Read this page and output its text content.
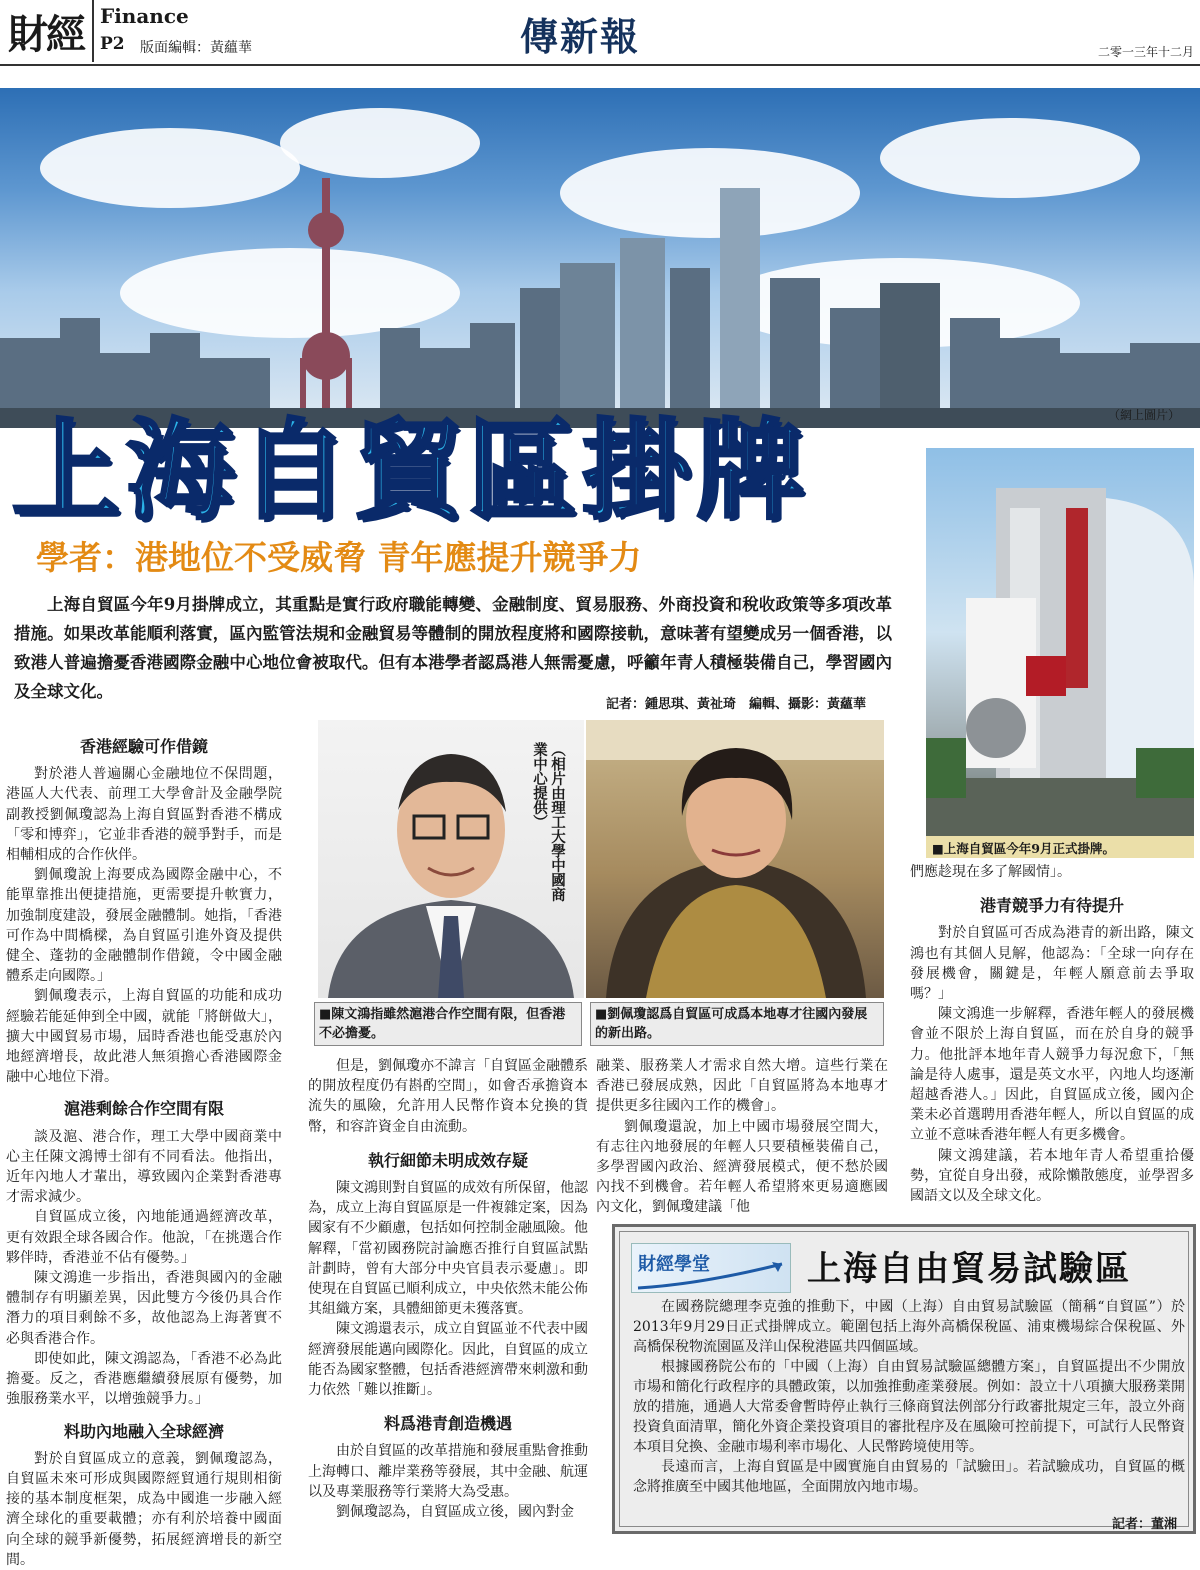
財經 Finance
P2 版面編輯：黃蘊華	傳新報	二零一三年十二月
（網上圖片）
上海自貿區掛牌
學者：港地位不受威脅 青年應提升競爭力
上海自貿區今年9月掛牌成立，其重點是實行政府職能轉變、金融制度、貿易服務、外商投資和稅收政策等多項改革措施。如果改革能順利落實，區內監管法規和金融貿易等體制的開放程度將和國際接軌，意味著有望變成另一個香港，以致港人普遍擔憂香港國際金融中心地位會被取代。但有本港學者認爲港人無需憂慮，呼籲年青人積極裝備自己，學習國內及全球文化。
記者：鍾思琪、黃祉琦　編輯、攝影：黃蘊華
■上海自貿區今年9月正式掛牌。
香港經驗可作借鏡

對於港人普遍關心金融地位不保問題，港區人大代表、前理工大學會計及金融學院副教授劉佩瓊認為上海自貿區對香港不構成「零和博弈」，它並非香港的競爭對手，而是相輔相成的合作伙伴。

劉佩瓊說上海要成為國際金融中心，不能單靠推出便捷措施，更需要提升軟實力，加強制度建設，發展金融體制。她指，「香港可作為中間橋樑，為自貿區引進外資及提供健全、蓬勃的金融體制作借鏡，令中國金融體系走向國際。」

劉佩瓊表示，上海自貿區的功能和成功經驗若能延伸到全中國，就能「將餅做大」，擴大中國貿易市場，屆時香港也能受惠於內地經濟增長，故此港人無須擔心香港國際金融中心地位下滑。

滬港剩餘合作空間有限

談及滬、港合作，理工大學中國商業中心主任陳文鴻博士卻有不同看法。他指出，近年內地人才輩出，導致國內企業對香港專才需求減少。

自貿區成立後，內地能通過經濟改革，更有效跟全球各國合作。他說，「在挑選合作夥伴時，香港並不佔有優勢。」

陳文鴻進一步指出，香港與國內的金融體制存有明顯差異，因此雙方今後仍具合作潛力的項目剩餘不多，故他認為上海著實不必與香港合作。

即使如此，陳文鴻認為，「香港不必為此擔憂。反之，香港應繼續發展原有優勢，加強服務業水平，以增強競爭力。」

料助內地融入全球經濟

對於自貿區成立的意義，劉佩瓊認為，自貿區未來可形成與國際經貿通行規則相銜接的基本制度框架，成為中國進一步融入經濟全球化的重要載體；亦有利於培養中國面向全球的競爭新優勢，拓展經濟增長的新空間。

（相片由理工大學中國商業中心提供）
■陳文鴻指雖然滬港合作空間有限，但香港不必擔憂。
■劉佩瓊認爲自貿區可成爲本地專才往國內發展的新出路。

但是，劉佩瓊亦不諱言「自貿區金融體系的開放程度仍有斟酌空間」，如會否承擔資本流失的風險，允許用人民幣作資本兌換的貨幣，和容許資金自由流動。

執行細節未明成效存疑

陳文鴻則對自貿區的成效有所保留，他認為，成立上海自貿區原是一件複雜定案，因為國家有不少顧慮，包括如何控制金融風險。他解釋，「當初國務院討論應否推行自貿區試點計劃時，曾有大部分中央官員表示憂慮」。即使現在自貿區已順利成立，中央依然未能公佈其組織方案，具體細節更未獲落實。

陳文鴻還表示，成立自貿區並不代表中國經濟發展能邁向國際化。因此，自貿區的成立能否為國家整體，包括香港經濟帶來刺激和動力依然「難以推斷」。

料爲港青創造機遇

由於自貿區的改革措施和發展重點會推動上海轉口、離岸業務等發展，其中金融、航運以及專業服務等行業將大為受惠。

劉佩瓊認為，自貿區成立後，國內對金

融業、服務業人才需求自然大增。這些行業在香港已發展成熟，因此「自貿區將為本地專才提供更多往國內工作的機會」。

劉佩瓊還說，加上中國市場發展空間大，有志往內地發展的年輕人只要積極裝備自己，多學習國內政治、經濟發展模式，便不愁於國內找不到機會。若年輕人希望將來更易適應國內文化，劉佩瓊建議「他

們應趁現在多了解國情」。

港青競爭力有待提升

對於自貿區可否成為港青的新出路，陳文鴻也有其個人見解，他認為：「全球一向存在發展機會，關鍵是，年輕人願意前去爭取嗎？」

陳文鴻進一步解釋，香港年輕人的發展機會並不限於上海自貿區，而在於自身的競爭力。他批評本地年青人競爭力每況愈下，「無論是待人處事，還是英文水平，內地人均逐漸超越香港人。」因此，自貿區成立後，國內企業未必首選聘用香港年輕人，所以自貿區的成立並不意味香港年輕人有更多機會。

陳文鴻建議，若本地年青人希望重拾優勢，宜從自身出發，戒除懶散態度，並學習多國語文以及全球文化。

財經學堂	上海自由貿易試驗區

在國務院總理李克強的推動下，中國（上海）自由貿易試驗區（簡稱“自貿區”）於2013年9月29日正式掛牌成立。範圍包括上海外高橋保稅區、浦東機場綜合保稅區、外高橋保稅物流園區及洋山保稅港區共四個區域。

根據國務院公布的「中國（上海）自由貿易試驗區總體方案」，自貿區提出不少開放市場和簡化行政程序的具體政策，以加強推動產業發展。例如：設立十八項擴大服務業開放的措施，通過人大常委會暫時停止執行三條商貿法例部分行政審批規定三年，設立外商投資負面清單，簡化外資企業投資項目的審批程序及在風險可控前提下，可試行人民幣資本項目兌換、金融市場利率市場化、人民幣跨境使用等。

長遠而言，上海自貿區是中國實施自由貿易的「試驗田」。若試驗成功，自貿區的概念將推廣至中國其他地區，全面開放內地市場。

記者：董湘
